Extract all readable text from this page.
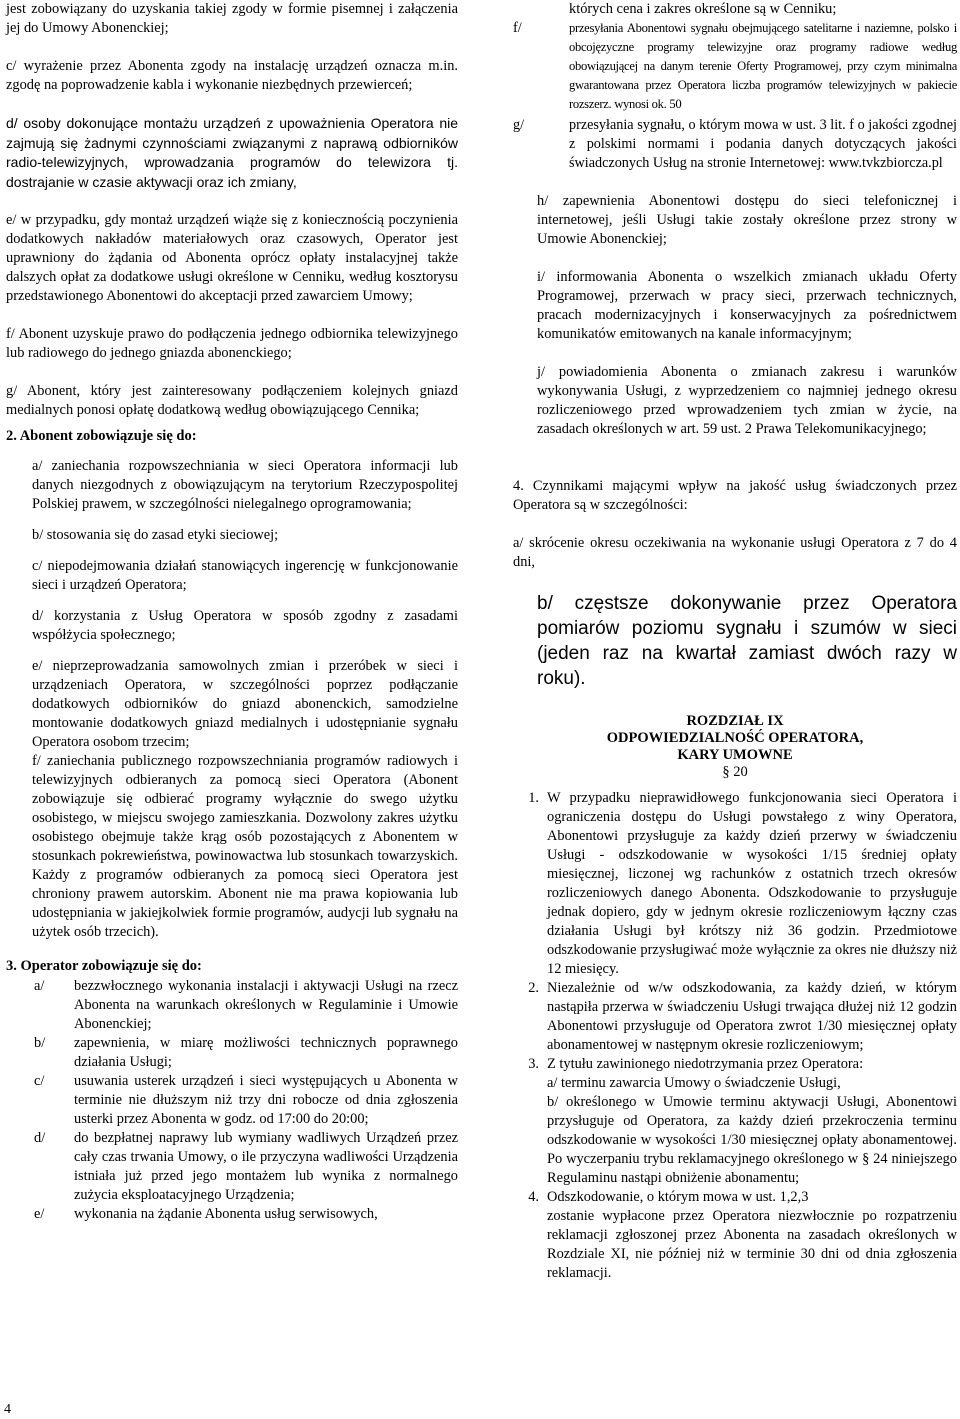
jest zobowiązany do uzyskania takiej zgody w formie pisemnej i załączenia jej do Umowy Abonenckiej;

c/ wyrażenie przez Abonenta zgody na instalację urządzeń oznacza m.in. zgodę na poprowadzenie kabla i wykonanie niezbędnych przewierceń;

d/ osoby dokonujące montażu urządzeń z upoważnienia Operatora nie zajmują się żadnymi czynnościami związanymi z naprawą odbiorników radio-telewizyjnych, wprowadzania programów do telewizora tj. dostrajanie w czasie aktywacji oraz ich zmiany,

e/ w przypadku, gdy montaż urządzeń wiąże się z koniecznością poczynienia dodatkowych nakładów materiałowych oraz czasowych, Operator jest uprawniony do żądania od Abonenta oprócz opłaty instalacyjnej także dalszych opłat za dodatkowe usługi określone w Cenniku, według kosztorysu przedstawionego Abonentowi do akceptacji przed zawarciem Umowy;

f/ Abonent uzyskuje prawo do podłączenia jednego odbiornika telewizyjnego lub radiowego do jednego gniazda abonenckiego;

g/ Abonent, który jest zainteresowany podłączeniem kolejnych gniazd medialnych ponosi opłatę dodatkową według obowiązującego Cennika;

2. Abonent zobowiązuje się do:

a/ zaniechania rozpowszechniania w sieci Operatora informacji lub danych niezgodnych z obowiązującym na terytorium Rzeczypospolitej Polskiej prawem, w szczególności nielegalnego oprogramowania;

b/ stosowania się do zasad etyki sieciowej;

c/ niepodejmowania działań stanowiących ingerencję w funkcjonowanie sieci i urządzeń Operatora;

d/ korzystania z Usług Operatora w sposób zgodny z zasadami współżycia społecznego;

e/ nieprzeprowadzania samowolnych zmian i przeróbek w sieci i urządzeniach Operatora, w szczególności poprzez podłączanie dodatkowych odbiorników do gniazd abonenckich, samodzielne montowanie dodatkowych gniazd medialnych i udostępnianie sygnału Operatora osobom trzecim;

f/ zaniechania publicznego rozpowszechniania programów radiowych i telewizyjnych odbieranych za pomocą sieci Operatora (Abonent zobowiązuje się odbierać programy wyłącznie do swego użytku osobistego, w miejscu swojego zamieszkania. Dozwolony zakres użytku osobistego obejmuje także krąg osób pozostających z Abonentem w stosunkach pokrewieństwa, powinowactwa lub stosunkach towarzyskich. Każdy z programów odbieranych za pomocą sieci Operatora jest chroniony prawem autorskim. Abonent nie ma prawa kopiowania lub udostępniania w jakiejkolwiek formie programów, audycji lub sygnału na użytek osób trzecich).

3. Operator zobowiązuje się do:

a/	bezzwłocznego wykonania instalacji i aktywacji Usługi na rzecz Abonenta na warunkach określonych w Regulaminie i Umowie Abonenckiej;
b/	zapewnienia, w miarę możliwości technicznych poprawnego działania Usługi;
c/	usuwania usterek urządzeń i sieci występujących u Abonenta w terminie nie dłuższym niż trzy dni robocze od dnia zgłoszenia usterki przez Abonenta w godz. od 17:00 do 20:00;
d/	do bezpłatnej naprawy lub wymiany wadliwych Urządzeń przez cały czas trwania Umowy, o ile przyczyna wadliwości Urządzenia istniała już przed jego montażem lub wynika z normalnego zużycia eksploatacyjnego Urządzenia;
e/	wykonania na żądanie Abonenta usług serwisowych,
4

których cena i zakres określone są w Cenniku;

f/	przesyłania Abonentowi sygnału obejmującego satelitarne i naziemne, polsko i obcojęzyczne programy telewizyjne oraz programy radiowe według obowiązującej na danym terenie Oferty Programowej, przy czym minimalna gwarantowana przez Operatora liczba programów telewizyjnych w pakiecie rozszerz. wynosi ok. 50
g/	przesyłania sygnału, o którym mowa w ust. 3 lit. f o jakości zgodnej z polskimi normami i podania danych dotyczących jakości świadczonych Usług na stronie Internetowej: www.tvkzbiorcza.pl

h/ zapewnienia Abonentowi dostępu do sieci telefonicznej i internetowej, jeśli Usługi takie zostały określone przez strony w Umowie Abonenckiej;

i/ informowania Abonenta o wszelkich zmianach układu Oferty Programowej, przerwach w pracy sieci, przerwach technicznych, pracach modernizacyjnych i konserwacyjnych za pośrednictwem komunikatów emitowanych na kanale informacyjnym;

j/ powiadomienia Abonenta o zmianach zakresu i warunków wykonywania Usługi, z wyprzedzeniem co najmniej jednego okresu rozliczeniowego przed wprowadzeniem tych zmian w życie, na zasadach określonych w art. 59 ust. 2 Prawa Telekomunikacyjnego;

4. Czynnikami mającymi wpływ na jakość usług świadczonych przez Operatora są w szczególności:

a/ skrócenie okresu oczekiwania na wykonanie usługi Operatora z 7 do 4 dni,

b/ częstsze dokonywanie przez Operatora pomiarów poziomu sygnału i szumów w sieci (jeden raz na kwartał zamiast dwóch razy w roku).

ROZDZIAŁ IX

ODPOWIEDZIALNOŚĆ OPERATORA,

KARY UMOWNE

§ 20

1. W przypadku nieprawidłowego funkcjonowania sieci Operatora i ograniczenia dostępu do Usługi powstałego z winy Operatora, Abonentowi przysługuje za każdy dzień przerwy w świadczeniu Usługi - odszkodowanie w wysokości 1/15 średniej opłaty miesięcznej, liczonej wg rachunków z ostatnich trzech okresów rozliczeniowych danego Abonenta. Odszkodowanie to przysługuje jednak dopiero, gdy w jednym okresie rozliczeniowym łączny czas działania Usługi był krótszy niż 36 godzin. Przedmiotowe odszkodowanie przysługiwać może wyłącznie za okres nie dłuższy niż 12 miesięcy.
2. Niezależnie od w/w odszkodowania, za każdy dzień, w którym nastąpiła przerwa w świadczeniu Usługi trwająca dłużej niż 12 godzin Abonentowi przysługuje od Operatora zwrot 1/30 miesięcznej opłaty abonamentowej w następnym okresie rozliczeniowym;
3. Z tytułu zawinionego niedotrzymania przez Operatora:
a/ terminu zawarcia Umowy o świadczenie Usługi,
b/ określonego w Umowie terminu aktywacji Usługi, Abonentowi przysługuje od Operatora, za każdy dzień przekroczenia terminu odszkodowanie w wysokości 1/30 miesięcznej opłaty abonamentowej. Po wyczerpaniu trybu reklamacyjnego określonego w § 24 niniejszego Regulaminu nastąpi obniżenie abonamentu;
4. Odszkodowanie, o którym mowa w ust. 1,2,3
zostanie wypłacone przez Operatora niezwłocznie po rozpatrzeniu reklamacji zgłoszonej przez Abonenta na zasadach określonych w Rozdziale XI, nie później niż w terminie 30 dni od dnia zgłoszenia reklamacji.
